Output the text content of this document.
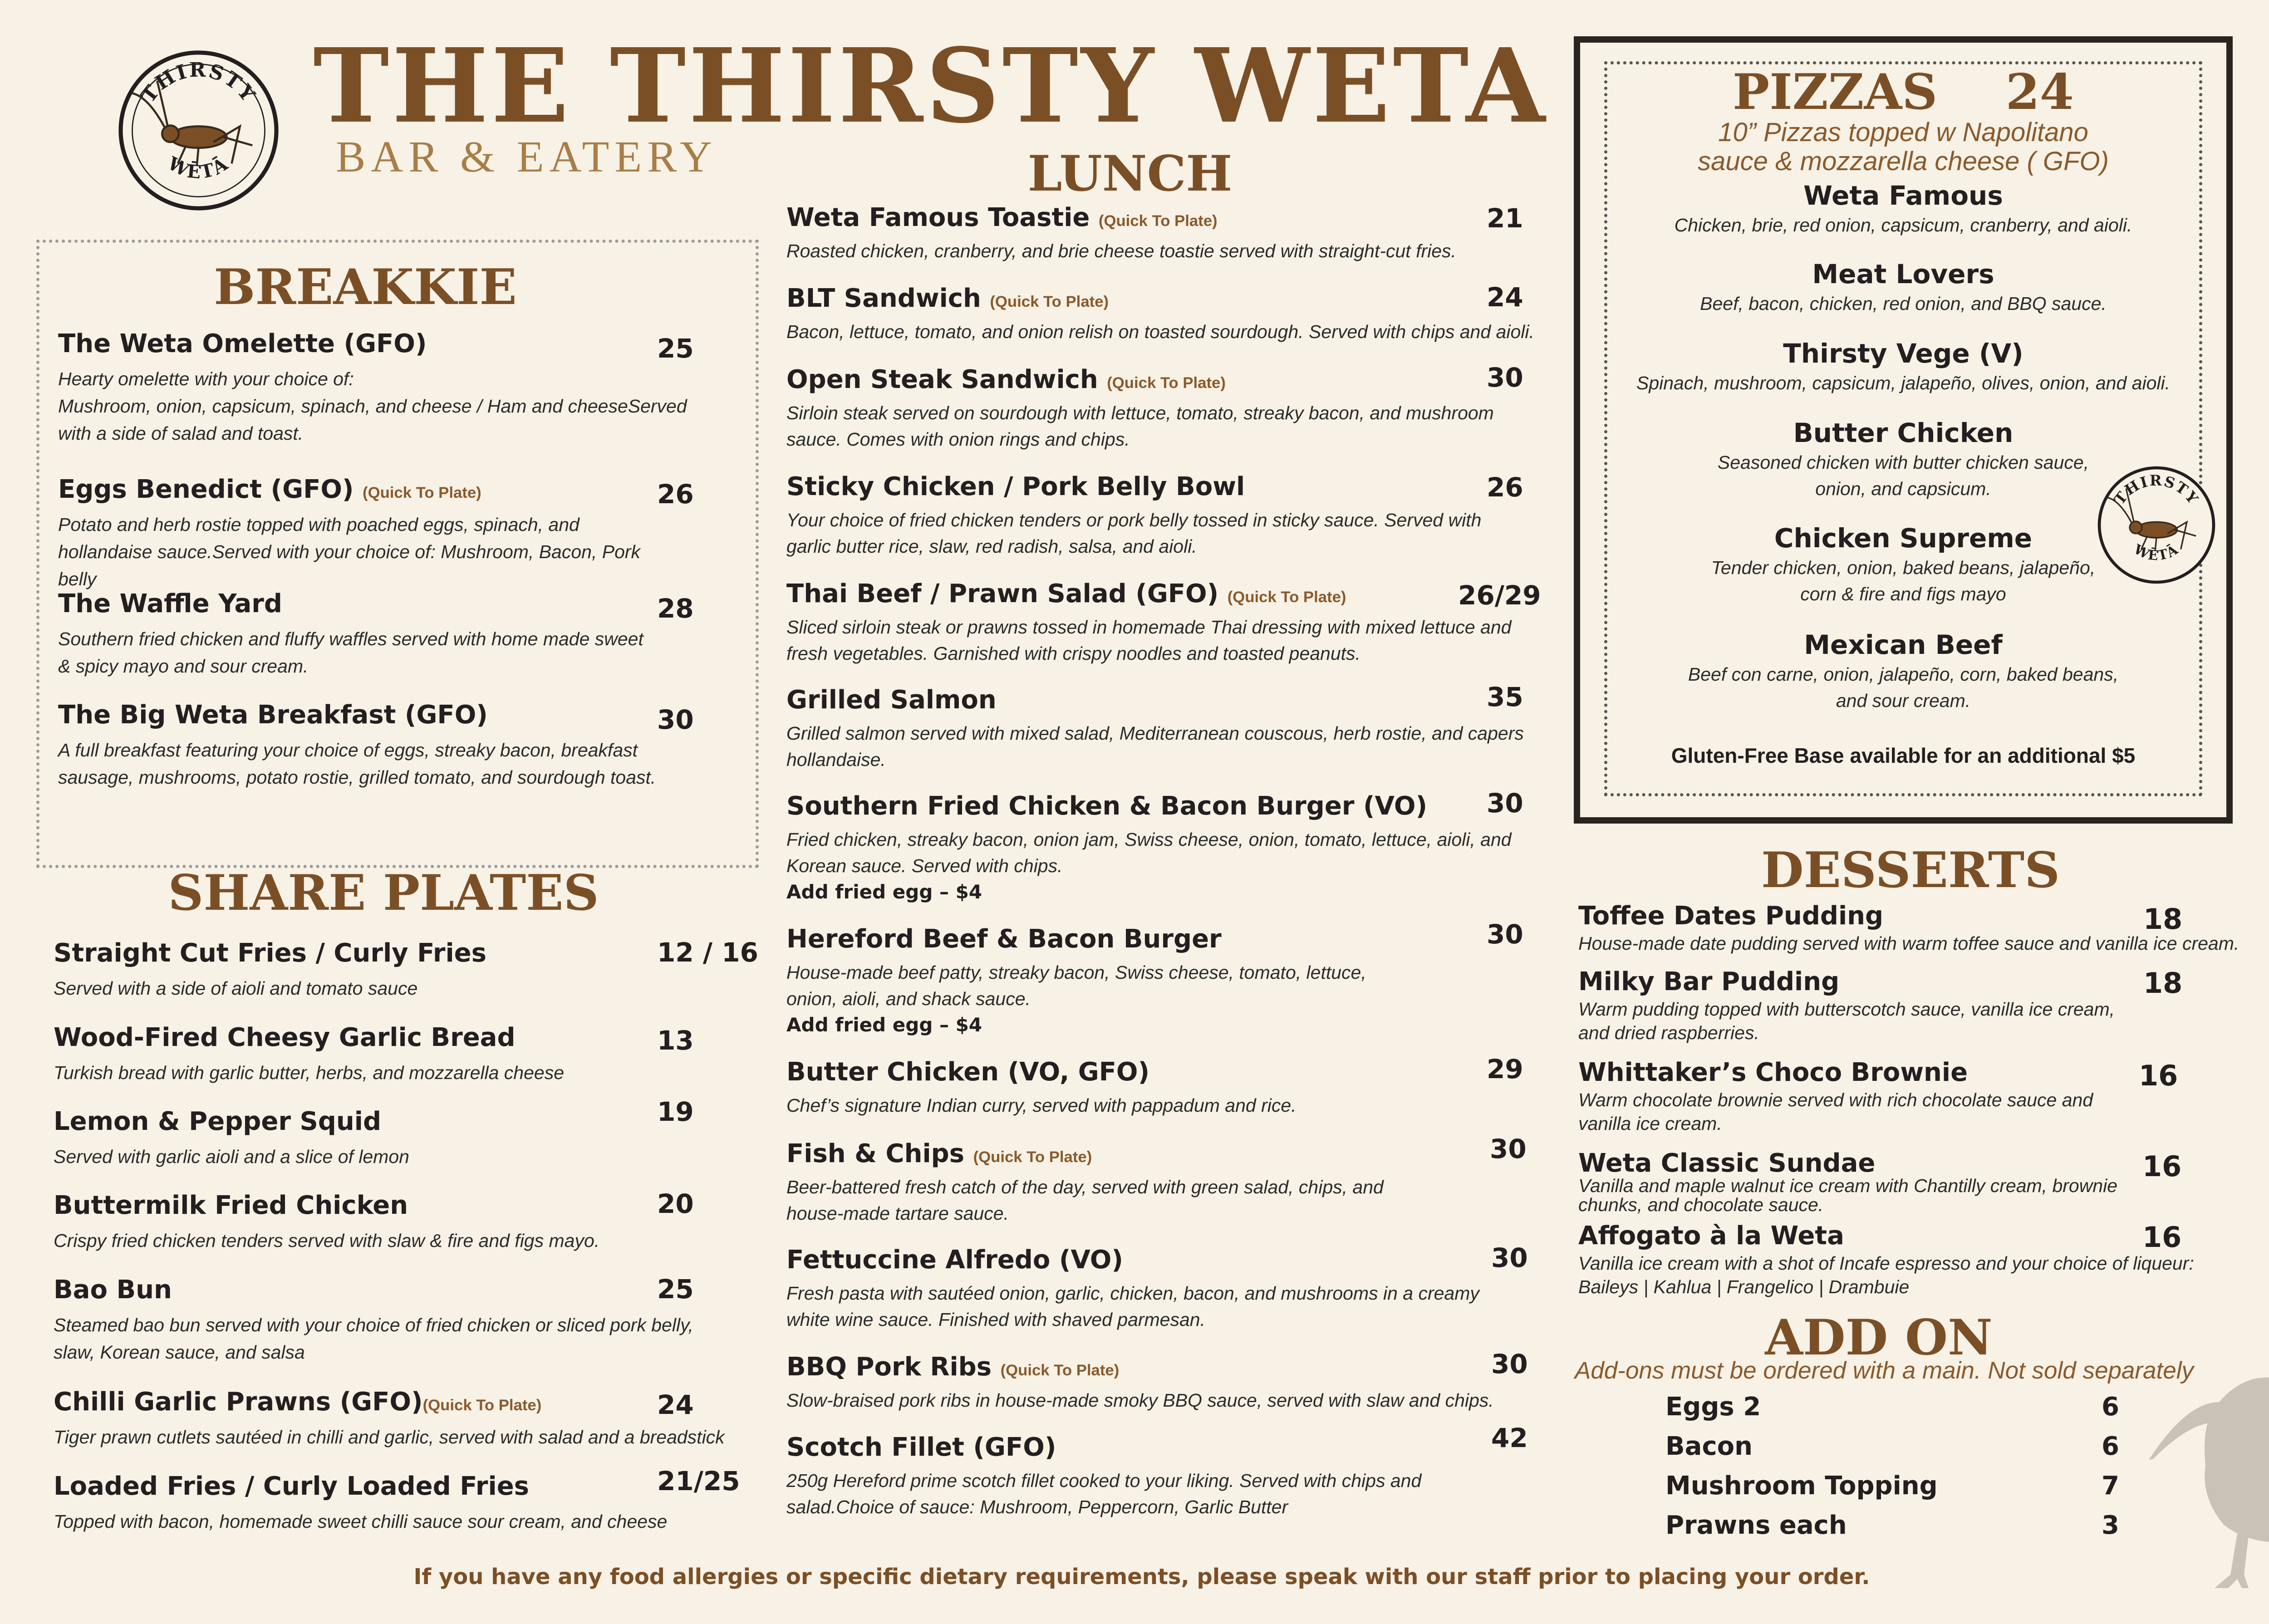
THIRSTY
WĒTĀ
THE THIRSTY WETA
BAR & EATERY
BREAKKIE
The Weta Omelette (GFO)
Hearty omelette with your choice of:
Mushroom, onion, capsicum, spinach, and cheese / Ham and cheeseServed with a side of salad and toast.
25
Eggs Benedict (GFO) (Quick To Plate)
Potato and herb rostie topped with poached eggs, spinach, and hollandaise sauce.Served with your choice of: Mushroom, Bacon, Pork belly
26
The Waffle Yard
Southern fried chicken and fluffy waffles served with home made sweet & spicy mayo and sour cream.
28
The Big Weta Breakfast (GFO)
A full breakfast featuring your choice of eggs, streaky bacon, breakfast sausage, mushrooms, potato rostie, grilled tomato, and sourdough toast.
30
SHARE PLATES
Straight Cut Fries / Curly Fries
Served with a side of aioli and tomato sauce
12 / 16
Wood-Fired Cheesy Garlic Bread
Turkish bread with garlic butter, herbs, and mozzarella cheese
13
Lemon & Pepper Squid
Served with garlic aioli and a slice of lemon
19
Buttermilk Fried Chicken
Crispy fried chicken tenders served with slaw & fire and figs mayo.
20
Bao Bun
Steamed bao bun served with your choice of fried chicken or sliced pork belly, slaw, Korean sauce, and salsa
25
Chilli Garlic Prawns (GFO)(Quick To Plate)
Tiger prawn cutlets sautéed in chilli and garlic, served with salad and a breadstick
24
Loaded Fries / Curly Loaded Fries
Topped with bacon, homemade sweet chilli sauce sour cream, and cheese
21/25
LUNCH
Weta Famous Toastie (Quick To Plate)
Roasted chicken, cranberry, and brie cheese toastie served with straight-cut fries.
21
BLT Sandwich (Quick To Plate)
Bacon, lettuce, tomato, and onion relish on toasted sourdough. Served with chips and aioli.
24
Open Steak Sandwich (Quick To Plate)
Sirloin steak served on sourdough with lettuce, tomato, streaky bacon, and mushroom sauce. Comes with onion rings and chips.
30
Sticky Chicken / Pork Belly Bowl
Your choice of fried chicken tenders or pork belly tossed in sticky sauce. Served with garlic butter rice, slaw, red radish, salsa, and aioli.
26
Thai Beef / Prawn Salad (GFO) (Quick To Plate)
Sliced sirloin steak or prawns tossed in homemade Thai dressing with mixed lettuce and fresh vegetables. Garnished with crispy noodles and toasted peanuts.
26/29
Grilled Salmon
Grilled salmon served with mixed salad, Mediterranean couscous, herb rostie, and capers hollandaise.
35
Southern Fried Chicken & Bacon Burger (VO)
Fried chicken, streaky bacon, onion jam, Swiss cheese, onion, tomato, lettuce, aioli, and Korean sauce. Served with chips.
Add fried egg – $4
30
Hereford Beef & Bacon Burger
House-made beef patty, streaky bacon, Swiss cheese, tomato, lettuce, onion, aioli, and shack sauce.
Add fried egg – $4
30
Butter Chicken (VO, GFO)
Chef’s signature Indian curry, served with pappadum and rice.
29
Fish & Chips (Quick To Plate)
Beer-battered fresh catch of the day, served with green salad, chips, and house-made tartare sauce.
30
Fettuccine Alfredo (VO)
Fresh pasta with sautéed onion, garlic, chicken, bacon, and mushrooms in a creamy white wine sauce. Finished with shaved parmesan.
30
BBQ Pork Ribs (Quick To Plate)
Slow-braised pork ribs in house-made smoky BBQ sauce, served with slaw and chips.
30
Scotch Fillet (GFO)
250g Hereford prime scotch fillet cooked to your liking. Served with chips and salad.Choice of sauce: Mushroom, Peppercorn, Garlic Butter
42
PIZZAS 24
10” Pizzas topped w Napolitano sauce & mozzarella cheese ( GFO)
Weta Famous
Chicken, brie, red onion, capsicum, cranberry, and aioli.
Meat Lovers
Beef, bacon, chicken, red onion, and BBQ sauce.
Thirsty Vege (V)
Spinach, mushroom, capsicum, jalapeño, olives, onion, and aioli.
Butter Chicken
Seasoned chicken with butter chicken sauce,
onion, and capsicum.
Chicken Supreme
Tender chicken, onion, baked beans, jalapeño,
corn & fire and figs mayo
Mexican Beef
Beef con carne, onion, jalapeño, corn, baked beans,
and sour cream.
Gluten-Free Base available for an additional $5
THIRSTY
WĒTĀ
DESSERTS
Toffee Dates Pudding
House-made date pudding served with warm toffee sauce and vanilla ice cream.
18
Milky Bar Pudding
Warm pudding topped with butterscotch sauce, vanilla ice cream, and dried raspberries.
18
Whittaker’s Choco Brownie
Warm chocolate brownie served with rich chocolate sauce and vanilla ice cream.
16
Weta Classic Sundae
Vanilla and maple walnut ice cream with Chantilly cream, brownie chunks, and chocolate sauce.
16
Affogato à la Weta
Vanilla ice cream with a shot of Incafe espresso and your choice of liqueur: Baileys | Kahlua | Frangelico | Drambuie
16
ADD ON
Add-ons must be ordered with a main. Not sold separately
Eggs 2	6
Bacon	6
Mushroom Topping	7
Prawns each	3
If you have any food allergies or specific dietary requirements, please speak with our staff prior to placing your order.
